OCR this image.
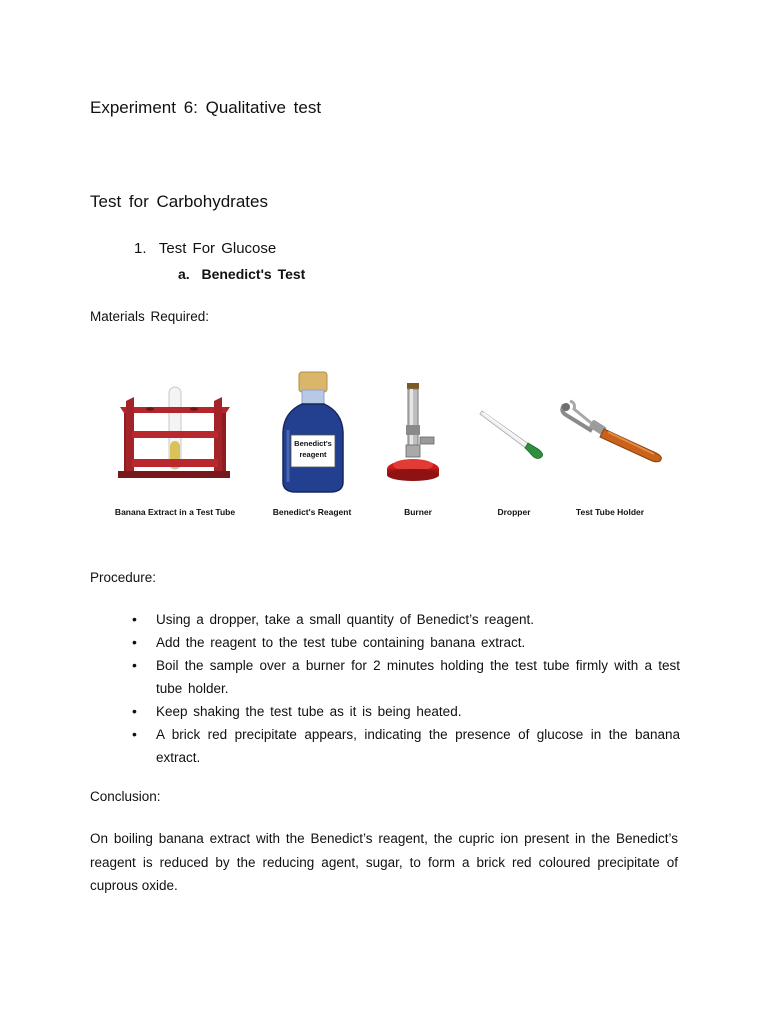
Experiment 6: Qualitative test
Test for Carbohydrates
1. Test For Glucose
a. Benedict's Test
Materials Required:
Banana Extract in a Test Tube
Benedict's
reagent
Benedict's Reagent	Burner	Dropper	Test Tube Holder
Procedure:
• Using a dropper, take a small quantity of Benedict’s reagent.
• Add the reagent to the test tube containing banana extract.
• Boil the sample over a burner for 2 minutes holding the test tube firmly with a test tube holder.
• Keep shaking the test tube as it is being heated.
• A brick red precipitate appears, indicating the presence of glucose in the banana extract.
Conclusion:
On boiling banana extract with the Benedict’s reagent, the cupric ion present in the Benedict’s reagent is reduced by the reducing agent, sugar, to form a brick red coloured precipitate of cuprous oxide.
